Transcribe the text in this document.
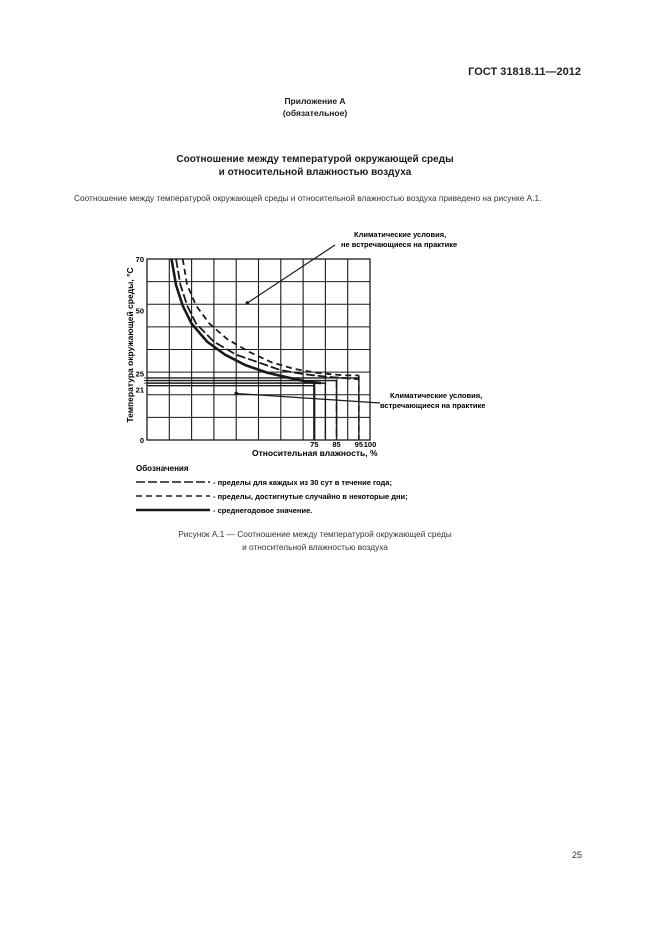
ГОСТ 31818.11—2012
Приложение А
(обязательное)
Соотношение между температурой окружающей среды
и относительной влажностью воздуха
Соотношение между температурой окружающей среды и относительной влажностью воздуха приведено на рисунке А.1.
0
21
25
50
70
75 85 95 100
Климатические условия,
не встречающиеся на практике
Климатические условия,
встречающиеся на практике
Температура окружающей среды, °С
Относительная влажность, %
Обозначения
- пределы для каждых из 30 сут в течение года;
- пределы, достигнутые случайно в некоторые дни;
- среднегодовое значение.
Рисунок А.1 — Соотношение между температурой окружающей среды
и относительной влажностью воздуха
25
